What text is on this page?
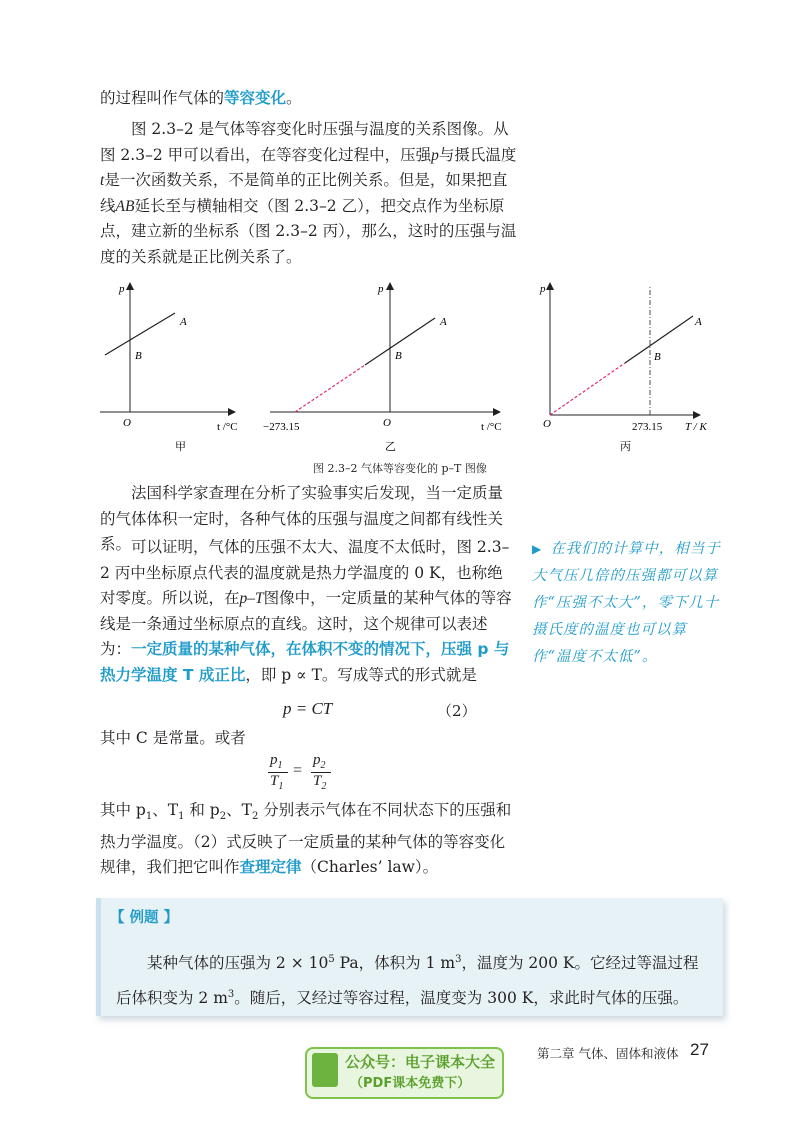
的过程叫作气体的等容变化。

图 2.3–2 是气体等容变化时压强与温度的关系图像。从图 2.3–2 甲可以看出，在等容变化过程中，压强p与摄氏温度t是一次函数关系，不是简单的正比例关系。但是，如果把直线AB延长至与横轴相交（图 2.3–2 乙），把交点作为坐标原点，建立新的坐标系（图 2.3–2 丙），那么，这时的压强与温度的关系就是正比例关系了。

p
A
B
O	t /°C
甲
p
A
B
O
−273.15	t /°C
乙
p
A
B
O	273.15 T / K
丙
图 2.3–2 气体等容变化的 p–T 图像

法国科学家查理在分析了实验事实后发现，当一定质量的气体体积一定时，各种气体的压强与温度之间都有线性关系。 可以证明，气体的压强不太大、温度不太低时，图 2.3–2 丙中坐标原点代表的温度就是热力学温度的 0 K，也称绝对零度。所以说，在p–T图像中，一定质量的某种气体的等容线是一条通过坐标原点的直线。这时，这个规律可以表述为：一定质量的某种气体，在体积不变的情况下，压强 p 与热力学温度 T 成正比，即 p ∝ T。写成等式的形式就是

p = CT	（2）

其中 C 是常量。或者

$p_1$
$T_1$
=
$p_2$
$T_2$

其中 $p_1$、$T_1$ 和 $p_2$、$T_2$ 分别表示气体在不同状态下的压强和热力学温度。（2）式反映了一定质量的某种气体的等容变化规律，我们把它叫作查理定律（Charles’ law）。

▶ 在我们的计算中，相当于大气压几倍的压强都可以算作“压强不太大”，零下几十摄氏度的温度也可以算作“温度不太低”。
【 例题 】
某种气体的压强为 $2 \times 10^5$ Pa，体积为 1 $m^3$，温度为 200 K。它经过等温过程后体积变为 2 $m^3$。随后，又经过等容过程，温度变为 300 K，求此时气体的压强。
第二章 气体、固体和液体 27
公众号：电子课本大全
（PDF课本免费下）
